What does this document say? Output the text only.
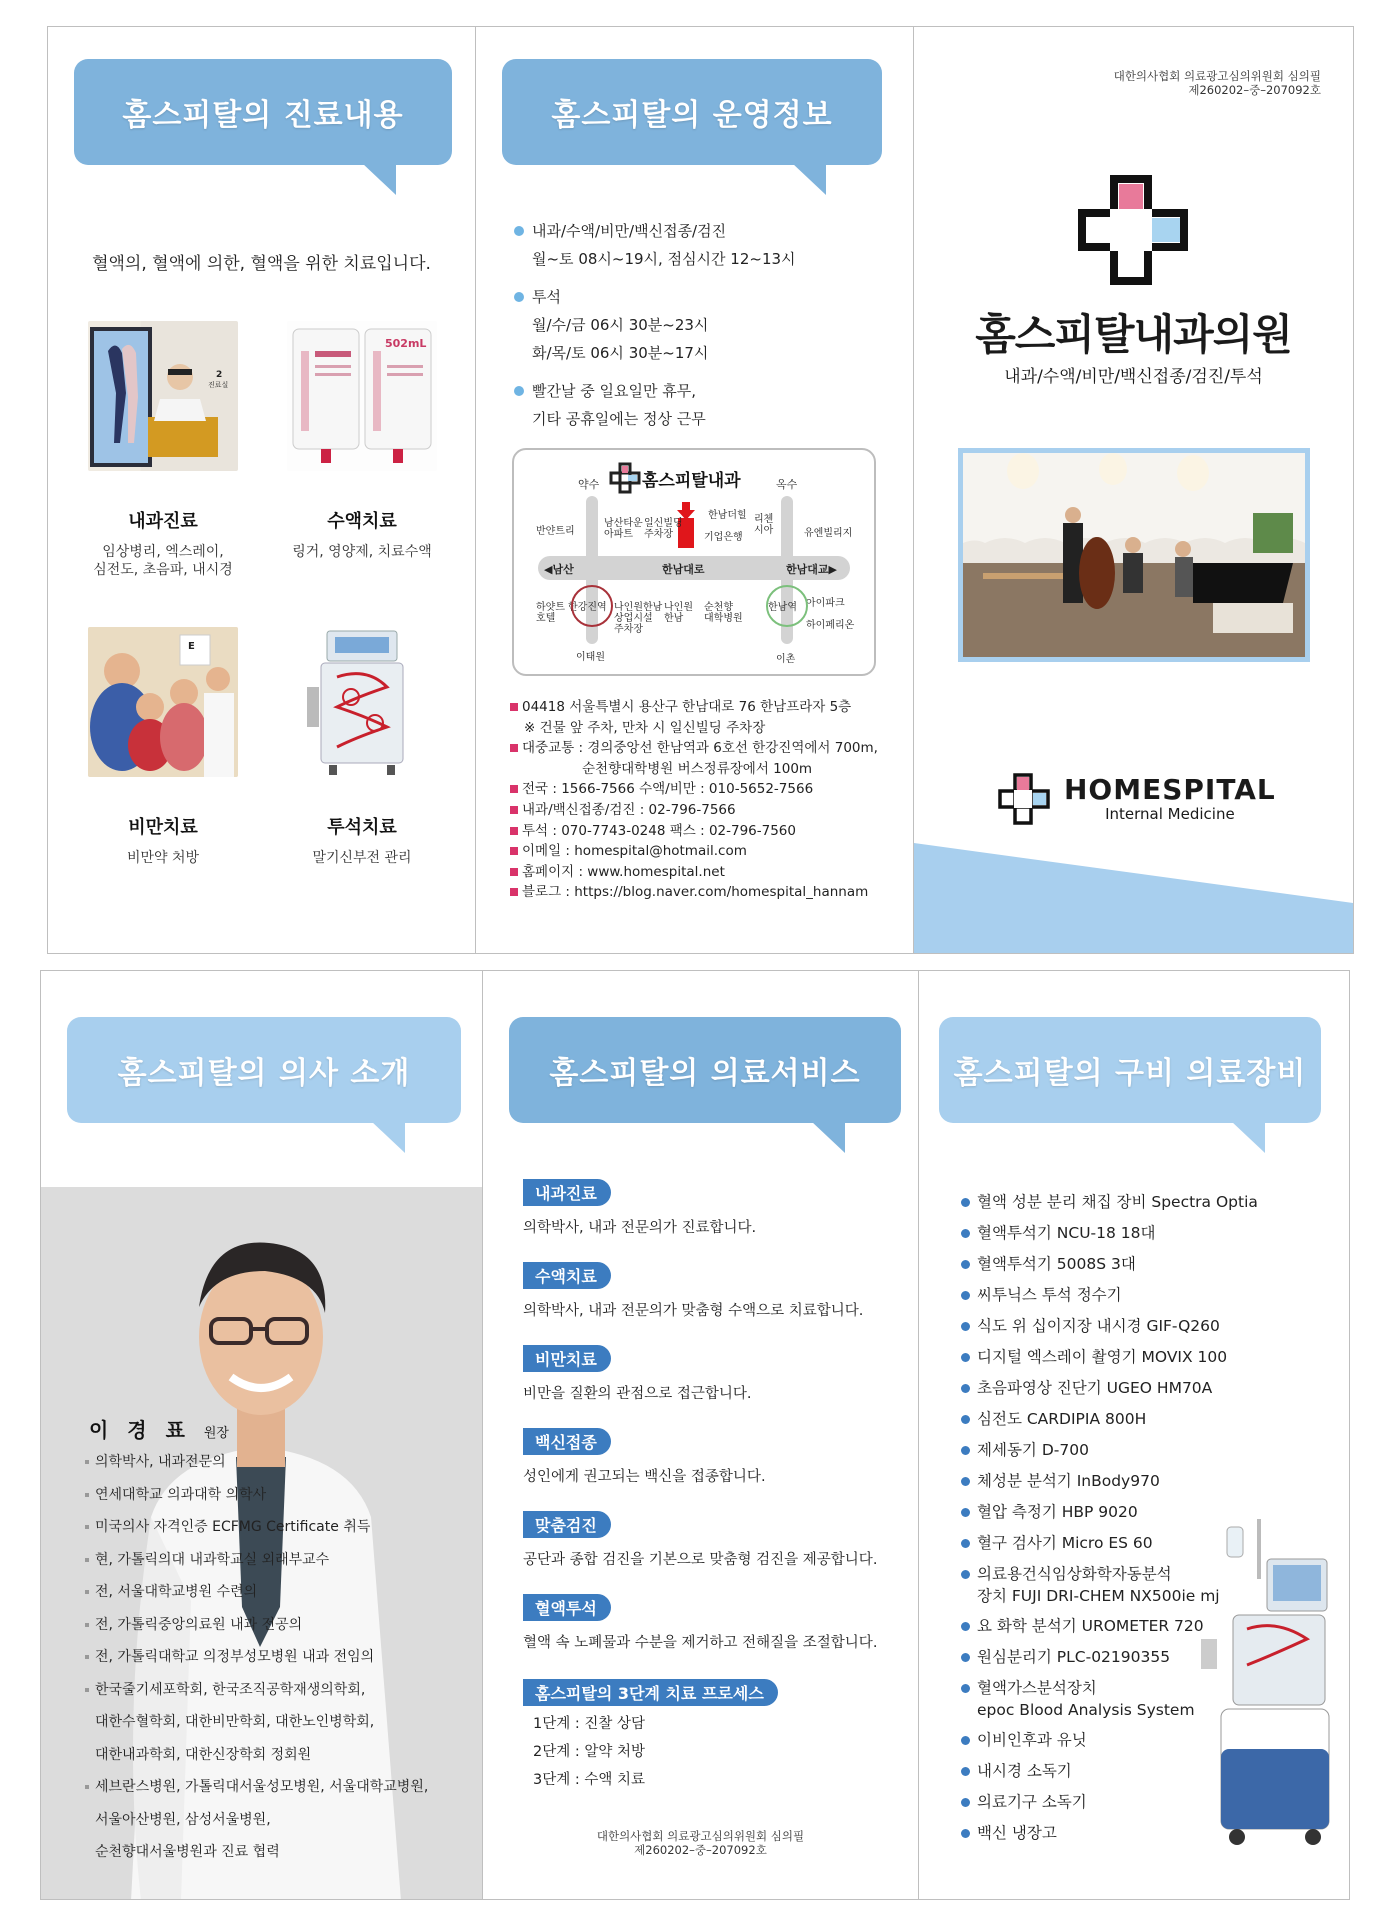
홈스피탈의 진료내용
혈액의, 혈액에 의한, 혈액을 위한 치료입니다.
2
진료실
내과진료
임상병리, 엑스레이,
심전도, 초음파, 내시경
502mL
수액치료
링거, 영양제, 치료수액
E
비만치료
비만약 처방
투석치료
말기신부전 관리
홈스피탈의 운영정보
내과/수액/비만/백신접종/검진
월~토 08시~19시, 점심시간 12~13시
투석
월/수/금 06시 30분~23시
화/목/토 06시 30분~17시
빨간날 중 일요일만 휴무,
기타 공휴일에는 정상 근무
홈스피탈내과
약수	옥수
◀남산	한남대로	한남대교▶
반얀트리
남산타운 아파트
일신빌딩 주차장
한남더힐
기업은행
리첸 시아	유엔빌리지
하얏트 호텔
한강진역 나인원한남 상업시설 주차장
나인원 한남
순천향 대학병원
한남역 아이파크
하이페리온
이태원	이촌
04418 서울특별시 용산구 한남대로 76 한남프라자 5층
※ 건물 앞 주차, 만차 시 일신빌딩 주차장
대중교통 : 경의중앙선 한남역과 6호선 한강진역에서 700m,
순천향대학병원 버스정류장에서 100m
전국 : 1566-7566 수액/비만 : 010-5652-7566
내과/백신접종/검진 : 02-796-7566
투석 : 070-7743-0248 팩스 : 02-796-7560
이메일 : homespital@hotmail.com
홈페이지 : www.homespital.net
블로그 : https://blog.naver.com/homespital_hannam
대한의사협회 의료광고심의위원회 심의필
제260202–중–207092호
홈스피탈내과의원
내과/수액/비만/백신접종/검진/투석
HOMESPITAL
Internal Medicine
홈스피탈의 의사 소개
이 경 표 원장
의학박사, 내과전문의
연세대학교 의과대학 의학사
미국의사 자격인증 ECFMG Certificate 취득
현, 가톨릭의대 내과학교실 외래부교수
전, 서울대학교병원 수련의
전, 가톨릭중앙의료원 내과 전공의
전, 가톨릭대학교 의정부성모병원 내과 전임의
한국줄기세포학회, 한국조직공학재생의학회,
대한수혈학회, 대한비만학회, 대한노인병학회,
대한내과학회, 대한신장학회 정회원
세브란스병원, 가톨릭대서울성모병원, 서울대학교병원,
서울아산병원, 삼성서울병원,
순천향대서울병원과 진료 협력
홈스피탈의 의료서비스
내과진료
의학박사, 내과 전문의가 진료합니다.
수액치료
의학박사, 내과 전문의가 맞춤형 수액으로 치료합니다.
비만치료
비만을 질환의 관점으로 접근합니다.
백신접종
성인에게 권고되는 백신을 접종합니다.
맞춤검진
공단과 종합 검진을 기본으로 맞춤형 검진을 제공합니다.
혈액투석
혈액 속 노폐물과 수분을 제거하고 전해질을 조절합니다.
홈스피탈의 3단계 치료 프로세스
1단계 : 진찰 상담
2단계 : 알약 처방
3단계 : 수액 치료
대한의사협회 의료광고심의위원회 심의필
제260202–중–207092호
홈스피탈의 구비 의료장비
혈액 성분 분리 채집 장비 Spectra Optia
혈액투석기 NCU-18 18대
혈액투석기 5008S 3대
씨투닉스 투석 정수기
식도 위 십이지장 내시경 GIF-Q260
디지털 엑스레이 촬영기 MOVIX 100
초음파영상 진단기 UGEO HM70A
심전도 CARDIPIA 800H
제세동기 D-700
체성분 분석기 InBody970
혈압 측정기 HBP 9020
혈구 검사기 Micro ES 60
의료용건식임상화학자동분석
장치 FUJI DRI-CHEM NX500ie mj
요 화학 분석기 UROMETER 720
원심분리기 PLC-02190355
혈액가스분석장치
epoc Blood Analysis System
이비인후과 유닛
내시경 소독기
의료기구 소독기
백신 냉장고
